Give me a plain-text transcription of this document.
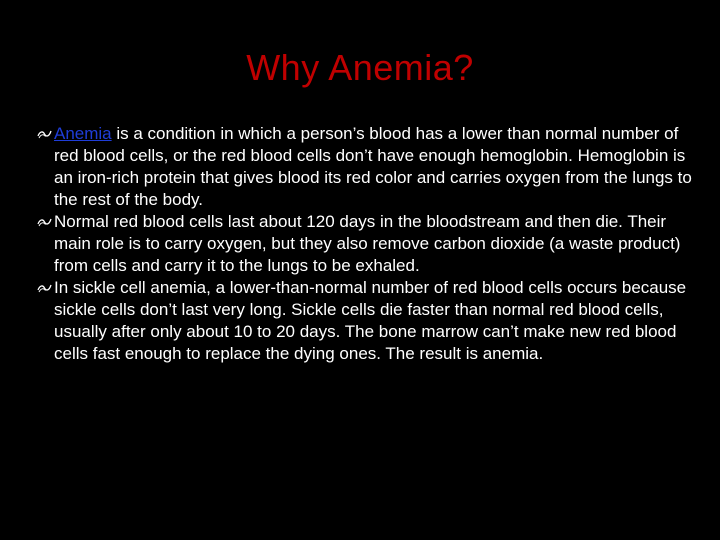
Why Anemia?
Anemia is a condition in which a person’s blood has a lower than normal number of red blood cells, or the red blood cells don’t have enough hemoglobin. Hemoglobin is an iron-rich protein that gives blood its red color and carries oxygen from the lungs to the rest of the body.
Normal red blood cells last about 120 days in the bloodstream and then die. Their main role is to carry oxygen, but they also remove carbon dioxide (a waste product) from cells and carry it to the lungs to be exhaled.
In sickle cell anemia, a lower-than-normal number of red blood cells occurs because sickle cells don’t last very long. Sickle cells die faster than normal red blood cells, usually after only about 10 to 20 days. The bone marrow can’t make new red blood cells fast enough to replace the dying ones. The result is anemia.
